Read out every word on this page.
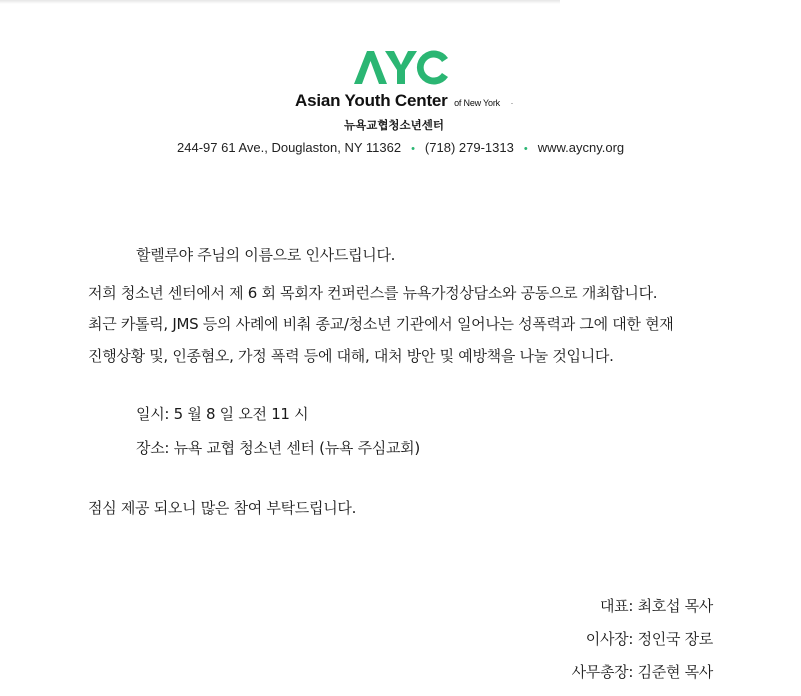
Asian Youth Center of New York ·
뉴욕교협청소년센터
244-97 61 Ave., Douglaston, NY 11362 • (718) 279-1313 • www.aycny.org
할렐루야 주님의 이름으로 인사드립니다.
저희 청소년 센터에서 제 6 회 목회자 컨퍼런스를 뉴욕가정상담소와 공동으로 개최합니다.
최근 카톨릭, JMS 등의 사례에 비춰 종교/청소년 기관에서 일어나는 성폭력과 그에 대한 현재
진행상황 및, 인종혐오, 가정 폭력 등에 대해, 대처 방안 및 예방책을 나눌 것입니다.
일시: 5 월 8 일 오전 11 시
장소: 뉴욕 교협 청소년 센터 (뉴욕 주심교회)
점심 제공 되오니 많은 참여 부탁드립니다.
대표: 최호섭 목사
이사장: 정인국 장로
사무총장: 김준현 목사
